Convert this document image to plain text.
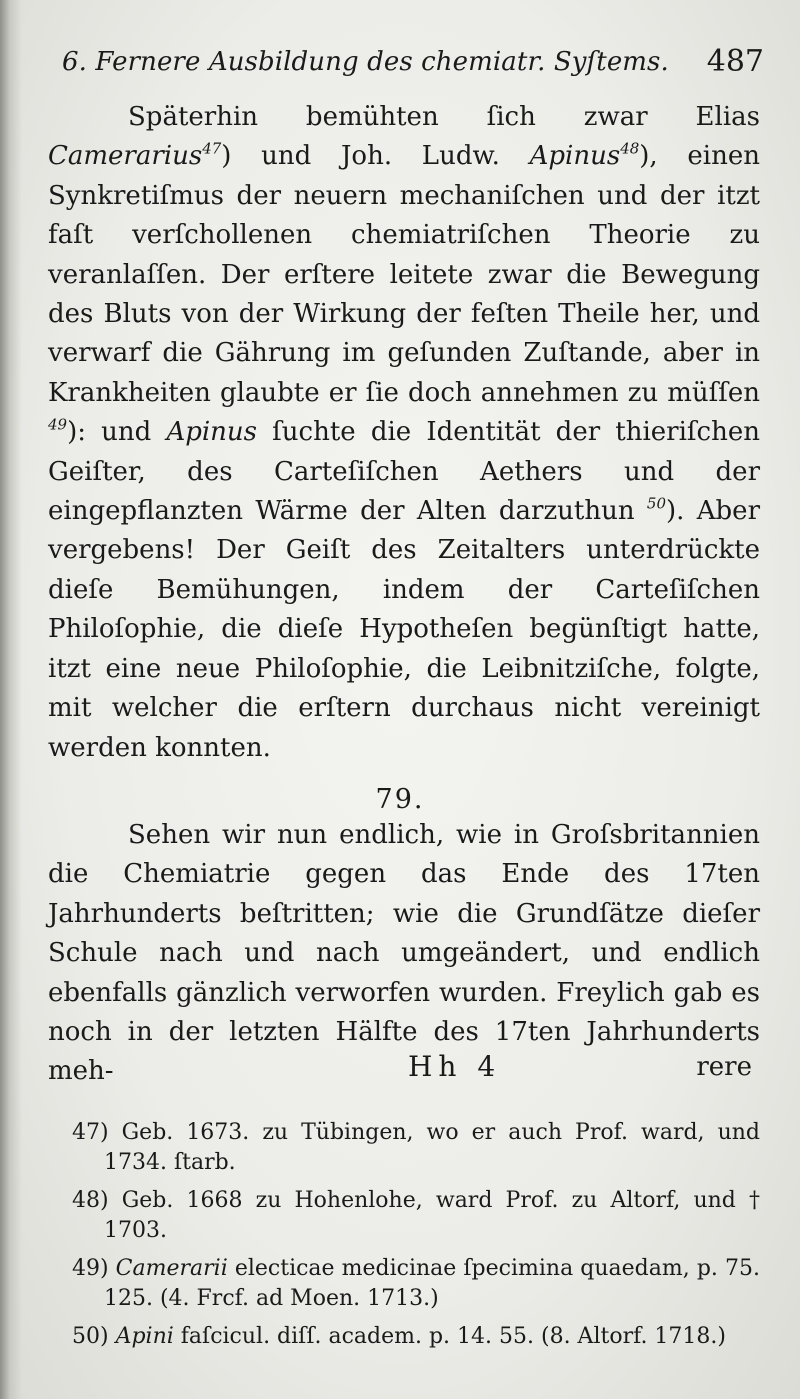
6. Fernere Ausbildung des chemiatr. Syſtems. 487
Späterhin bemühten ſich zwar Elias Camerarius$^{47}$) und Joh. Ludw. Apinus$^{48}$), einen Synkretiſmus der neuern mechaniſchen und der itzt faſt verſchollenen chemiatriſchen Theorie zu veranlaſſen. Der erſtere leitete zwar die Bewegung des Bluts von der Wirkung der feſten Theile her, und verwarf die Gährung im geſunden Zuſtande, aber in Krankheiten glaubte er ſie doch annehmen zu müſſen $^{49}$): und Apinus ſuchte die Identität der thieriſchen Geiſter, des Carteſiſchen Aethers und der eingepflanzten Wärme der Alten darzuthun $^{50}$). Aber vergebens! Der Geiſt des Zeitalters unterdrückte dieſe Bemühungen, indem der Carteſiſchen Philoſophie, die dieſe Hypotheſen begünſtigt hatte, itzt eine neue Philoſophie, die Leibnitziſche, folgte, mit welcher die erſtern durchaus nicht vereinigt werden konnten.
79.
Sehen wir nun endlich, wie in Groſsbritannien die Chemiatrie gegen das Ende des 17ten Jahrhunderts beſtritten; wie die Grundſätze dieſer Schule nach und nach umgeändert, und endlich ebenfalls gänzlich verworfen wurden. Freylich gab es noch in der letzten Hälfte des 17ten Jahrhunderts meh-	Hh 4	rere
47) Geb. 1673. zu Tübingen, wo er auch Prof. ward, und 1734. ſtarb.
48) Geb. 1668 zu Hohenlohe, ward Prof. zu Altorf, und † 1703.
49) Camerarii electicae medicinae ſpecimina quaedam, p. 75. 125. (4. Frcf. ad Moen. 1713.)
50) Apini faſcicul. diſſ. academ. p. 14. 55. (8. Altorf. 1718.)
